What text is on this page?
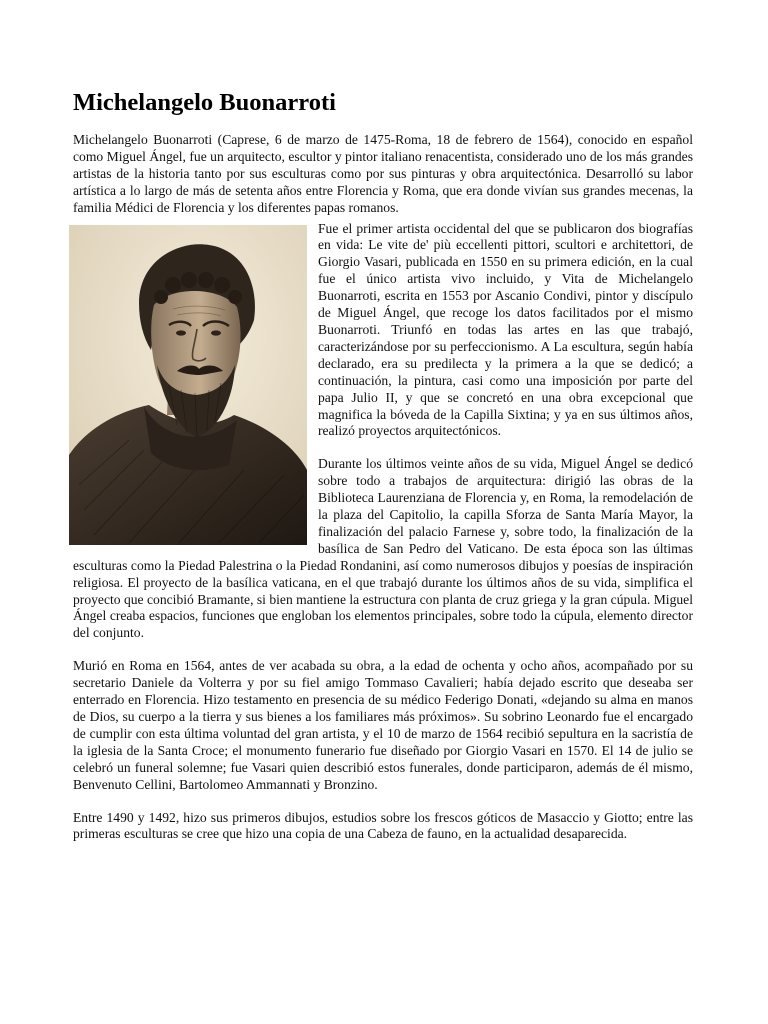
Michelangelo Buonarroti

Michelangelo Buonarroti (Caprese, 6 de marzo de 1475-Roma, 18 de febrero de 1564), conocido en español como Miguel Ángel, fue un arquitecto, escultor y pintor italiano renacentista, considerado uno de los más grandes artistas de la historia tanto por sus esculturas como por sus pinturas y obra arquitectónica. Desarrolló su labor artística a lo largo de más de setenta años entre Florencia y Roma, que era donde vivían sus grandes mecenas, la familia Médici de Florencia y los diferentes papas romanos.

Fue el primer artista occidental del que se publicaron dos biografías en vida: Le vite de' più eccellenti pittori, scultori e architettori, de Giorgio Vasari, publicada en 1550 en su primera edición, en la cual fue el único artista vivo incluido, y Vita de Michelangelo Buonarroti, escrita en 1553 por Ascanio Condivi, pintor y discípulo de Miguel Ángel, que recoge los datos facilitados por el mismo Buonarroti. Triunfó en todas las artes en las que trabajó, caracterizándose por su perfeccionismo. A La escultura, según había declarado, era su predilecta y la primera a la que se dedicó; a continuación, la pintura, casi como una imposición por parte del papa Julio II, y que se concretó en una obra excepcional que magnifica la bóveda de la Capilla Sixtina; y ya en sus últimos años, realizó proyectos arquitectónicos.

Durante los últimos veinte años de su vida, Miguel Ángel se dedicó sobre todo a trabajos de arquitectura: dirigió las obras de la Biblioteca Laurenziana de Florencia y, en Roma, la remodelación de la plaza del Capitolio, la capilla Sforza de Santa María Mayor, la finalización del palacio Farnese y, sobre todo, la finalización de la basílica de San Pedro del Vaticano. De esta época son las últimas esculturas como la Piedad Palestrina o la Piedad Rondanini, así como numerosos dibujos y poesías de inspiración religiosa. El proyecto de la basílica vaticana, en el que trabajó durante los últimos años de su vida, simplifica el proyecto que concibió Bramante, si bien mantiene la estructura con planta de cruz griega y la gran cúpula. Miguel Ángel creaba espacios, funciones que engloban los elementos principales, sobre todo la cúpula, elemento director del conjunto.

Murió en Roma en 1564, antes de ver acabada su obra, a la edad de ochenta y ocho años, acompañado por su secretario Daniele da Volterra y por su fiel amigo Tommaso Cavalieri; había dejado escrito que deseaba ser enterrado en Florencia. Hizo testamento en presencia de su médico Federigo Donati, «dejando su alma en manos de Dios, su cuerpo a la tierra y sus bienes a los familiares más próximos». Su sobrino Leonardo fue el encargado de cumplir con esta última voluntad del gran artista, y el 10 de marzo de 1564 recibió sepultura en la sacristía de la iglesia de la Santa Croce; el monumento funerario fue diseñado por Giorgio Vasari en 1570. El 14 de julio se celebró un funeral solemne; fue Vasari quien describió estos funerales, donde participaron, además de él mismo, Benvenuto Cellini, Bartolomeo Ammannati y Bronzino.

Entre 1490 y 1492, hizo sus primeros dibujos, estudios sobre los frescos góticos de Masaccio y Giotto; entre las primeras esculturas se cree que hizo una copia de una Cabeza de fauno, en la actualidad desaparecida.
